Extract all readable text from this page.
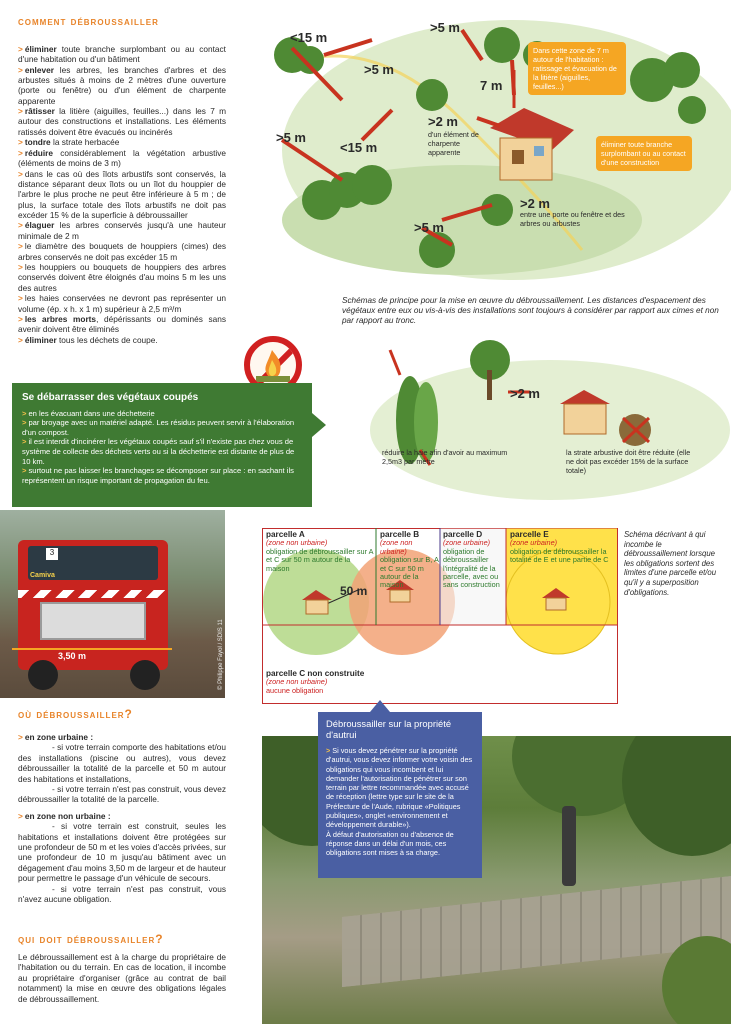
comment débroussailler
> éliminer toute branche surplombant ou au contact d'une habitation ou d'un bâtiment
> enlever les arbres, les branches d'arbres et des arbustes situés à moins de 2 mètres d'une ouverture (porte ou fenêtre) ou d'un élément de charpente apparente
> râtisser la litière (aiguilles, feuilles...) dans les 7 m autour des constructions et installations. Les éléments ratissés doivent être évacués ou incinérés
> tondre la strate herbacée
> réduire considérablement la végétation arbustive (éléments de moins de 3 m)
> dans le cas où des îlots arbustifs sont conservés, la distance séparant deux îlots ou un îlot du houppier de l'arbre le plus proche ne peut être inférieure à 5 m ; de plus, la surface totale des îlots arbustifs ne doit pas excéder 15 % de la superficie à débroussailler
> élaguer les arbres conservés jusqu'à une hauteur minimale de 2 m
> le diamètre des bouquets de houppiers (cimes) des arbres conservés ne doit pas excéder 15 m
> les houppiers ou bouquets de houppiers des arbres conservés doivent être éloignés d'au moins 5 m les uns des autres
> les haies conservées ne devront pas représenter un volume (ép. x h. x 1 m) supérieur à 2,5 m³/m
> les arbres morts, dépérissants ou dominés sans avenir doivent être éliminés
> éliminer tous les déchets de coupe.
Se débarrasser des végétaux coupés
> en les évacuant dans une déchetterie
> par broyage avec un matériel adapté. Les résidus peuvent servir à l'élaboration d'un compost.
> il est interdit d'incinérer les végétaux coupés sauf s'il n'existe pas chez vous de système de collecte des déchets verts ou si la déchetterie est distante de plus de 10 km.
> surtout ne pas laisser les branchages se décomposer sur place : en sachant ils représentent un risque important de propagation du feu.
<15 m
>5 m
>5 m
7 m
>2 m
d'un élément de charpente apparente
>5 m
<15 m
>2 m
entre une porte ou fenêtre et des arbres ou arbustes
>5 m
Dans cette zone de 7 m autour de l'habitation : ratissage et évacuation de la litière (aiguilles, feuilles...)
éliminer toute branche surplombant ou au contact d'une construction
Schémas de principe pour la mise en œuvre du débroussaillement. Les distances d'espacement des végétaux entre eux ou vis-à-vis des installations sont toujours à considérer par rapport aux cimes et non par rapport au tronc.
>2 m
réduire la haie afin d'avoir au maximum 2,5m3 par mètre
la strate arbustive doit être réduite (elle ne doit pas excéder 15% de la surface totale)
3
Camiva
3,50 m	© Philippe Fayol / SDIS 11
50 m
parcelle A
(zone non urbaine)
obligation de débroussailler sur A et C sur 50 m autour de la maison
parcelle B
(zone non urbaine)
obligation sur B, A et C sur 50 m autour de la maison
parcelle D
(zone urbaine)
obligation de débroussailler l'intégralité de la parcelle, avec ou sans construction
parcelle E
(zone urbaine)
obligation de débroussailler la totalité de E et une partie de C
parcelle C non construite
(zone non urbaine)
aucune obligation
Schéma décrivant à qui incombe le débroussaillement lorsque les obligations sortent des limites d'une parcelle et/ou qu'il y a superposition d'obligations.
où débroussailler?
> en zone urbaine :
- si votre terrain comporte des habitations et/ou des installations (piscine ou autres), vous devez débroussailler la totalité de la parcelle et 50 m autour des habitations et installations,
- si votre terrain n'est pas construit, vous devez débroussailler la totalité de la parcelle.
> en zone non urbaine :
- si votre terrain est construit, seules les habitations et installations doivent être protégées sur une profondeur de 50 m et les voies d'accès privées, sur une profondeur de 10 m jusqu'au bâtiment avec un dégagement d'au moins 3,50 m de largeur et de hauteur pour permettre le passage d'un véhicule de secours.
- si votre terrain n'est pas construit, vous n'avez aucune obligation.
qui doit débroussailler?
Le débroussaillement est à la charge du propriétaire de l'habitation ou du terrain. En cas de location, il incombe au propriétaire d'organiser (grâce au contrat de bail notamment) la mise en œuvre des obligations légales de débroussaillement.
Débroussailler sur la propriété d'autrui
> Si vous devez pénétrer sur la propriété d'autrui, vous devez informer votre voisin des obligations qui vous incombent et lui demander l'autorisation de pénétrer sur son terrain par lettre recommandée avec accusé de réception (lettre type sur le site de la Préfecture de l'Aude, rubrique «Politiques publiques», onglet «environnement et développement durable»).
À défaut d'autorisation ou d'absence de réponse dans un délai d'un mois, ces obligations sont mises à sa charge.
